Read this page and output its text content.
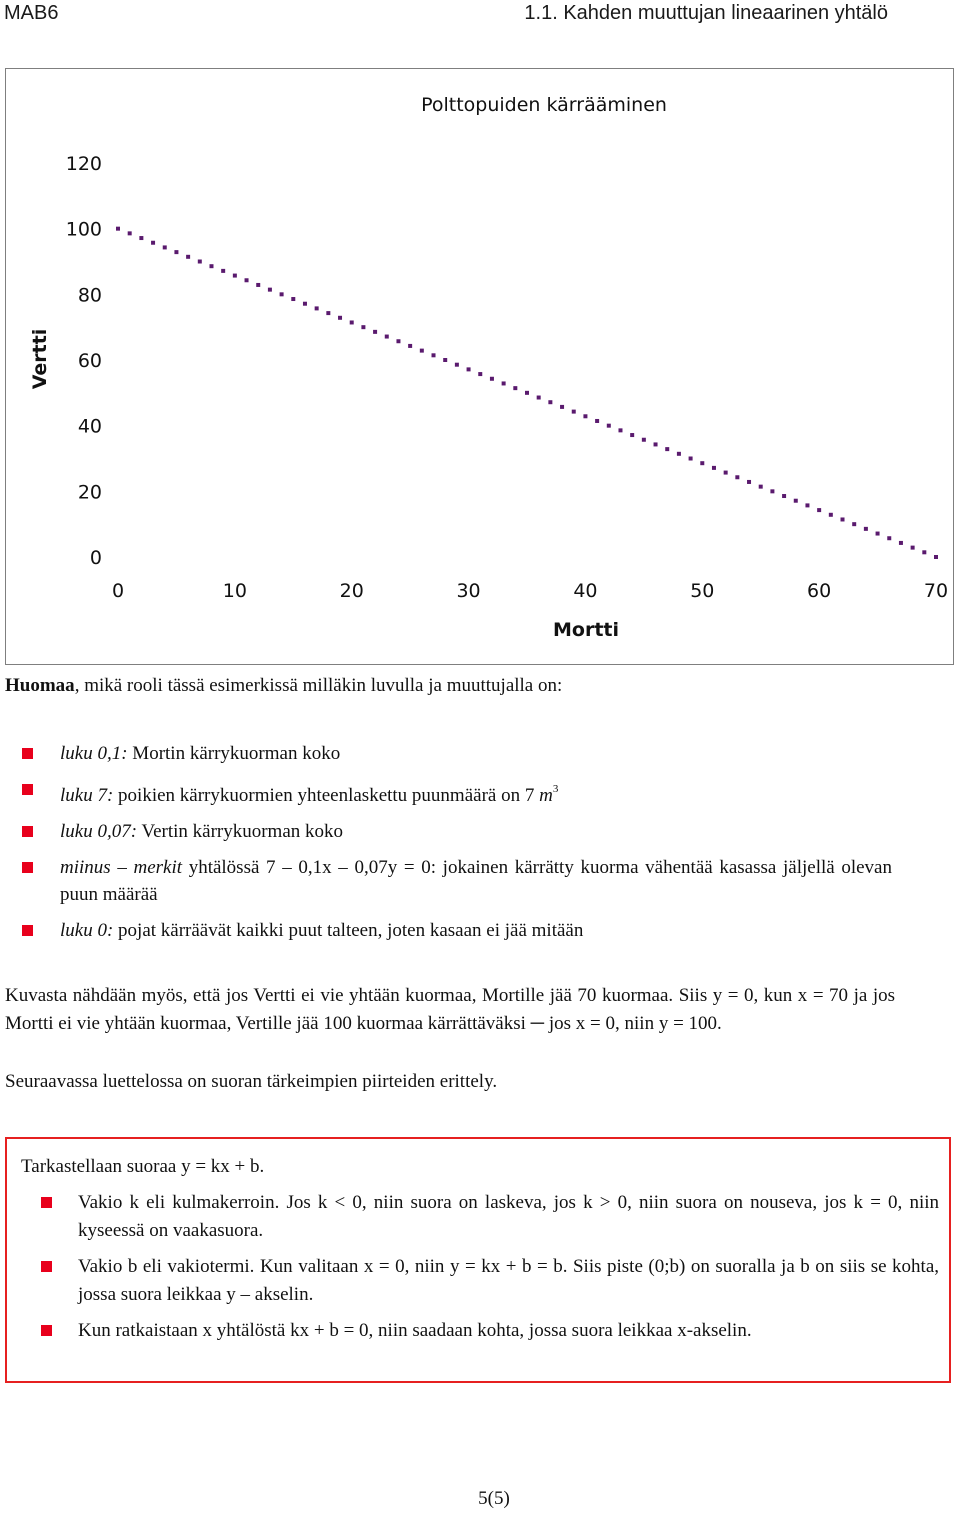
MAB6	1.1. Kahden muuttujan lineaarinen yhtälö
Polttopuiden kärrääminen
Vertti
Mortti
0	10	20	30	40	50	60	70
0
20
40
60
80
100
120
Huomaa, mikä rooli tässä esimerkissä milläkin luvulla ja muuttujalla on:
luku 0,1: Mortin kärrykuorman koko
luku 7: poikien kärrykuormien yhteenlaskettu puunmäärä on 7 $m^3$
luku 0,07: Vertin kärrykuorman koko
miinus – merkit yhtälössä 7 – 0,1x – 0,07y = 0: jokainen kärrätty kuorma vähentää kasassa jäljellä olevan puun määrää
luku 0: pojat kärräävät kaikki puut talteen, joten kasaan ei jää mitään
Kuvasta nähdään myös, että jos Vertti ei vie yhtään kuormaa, Mortille jää 70 kuormaa. Siis y = 0, kun x = 70 ja jos Mortti ei vie yhtään kuormaa, Vertille jää 100 kuormaa kärrättäväksi ─ jos x = 0, niin y = 100.
Seuraavassa luettelossa on suoran tärkeimpien piirteiden erittely.
Tarkastellaan suoraa y = kx + b.
Vakio k eli kulmakerroin. Jos k < 0, niin suora on laskeva, jos k > 0, niin suora on nouseva, jos k = 0, niin kyseessä on vaakasuora.
Vakio b eli vakiotermi. Kun valitaan x = 0, niin y = kx + b = b. Siis piste (0;b) on suoralla ja b on siis se kohta, jossa suora leikkaa y – akselin.
Kun ratkaistaan x yhtälöstä kx + b = 0, niin saadaan kohta, jossa suora leikkaa x-akselin.
5(5)
